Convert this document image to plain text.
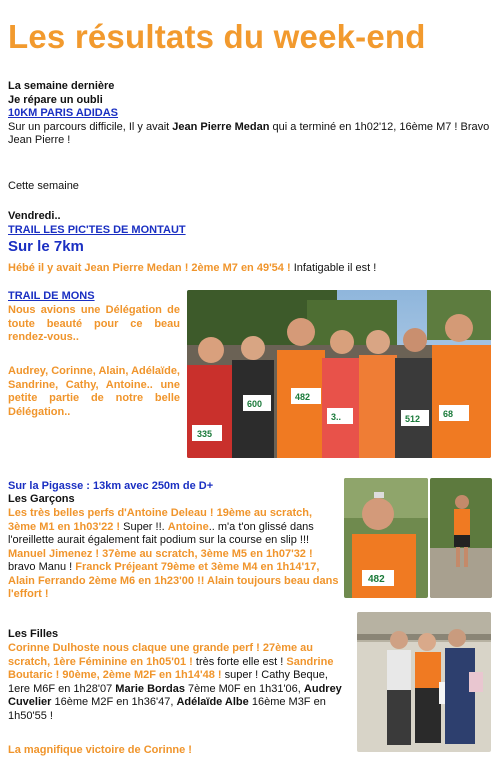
Les résultats du week-end
La semaine dernière
Je répare un oubli
10KM PARIS ADIDAS
Sur un parcours difficile, Il y avait Jean Pierre Medan qui a terminé en 1h02'12, 16ème M7 ! Bravo Jean Pierre !
Cette semaine
Vendredi..
TRAIL LES PIC'TES DE MONTAUT
Sur le 7km
Hébé il y avait Jean Pierre Medan ! 2ème M7 en 49'54 ! Infatigable il est !
TRAIL DE MONS
Nous avions une Délégation de toute beauté pour ce beau rendez-vous..
Audrey, Corinne, Alain, Adélaïde, Sandrine, Cathy, Antoine.. une petite partie de notre belle Délégation..
335
600
482
3..	512	68
Sur la Pigasse : 13km avec 250m de D+
Les Garçons
Les très belles perfs d'Antoine Deleau ! 19ème au scratch, 3ème M1 en 1h03'22 ! Super !!. Antoine.. m'a t'on glissé dans l'oreillette aurait également fait podium sur la course en slip !!! Manuel Jimenez ! 37ème au scratch, 3ème M5 en 1h07'32 ! bravo Manu ! Franck Préjeant 79ème et 3ème M4 en 1h14'17, Alain Ferrando 2ème M6 en 1h23'00 !! Alain toujours beau dans l'effort !
Les Filles
Corinne Dulhoste nous claque une grande perf ! 27ème au scratch, 1ère Féminine en 1h05'01 ! très forte elle est ! Sandrine Boutaric ! 90ème, 2ème M2F en 1h14'48 ! super ! Cathy Beque, 1ere M6F en 1h28'07 Marie Bordas 7ème M0F en 1h31'06, Audrey Cuvelier 16ème M2F en 1h36'47, Adélaïde Albe 16ème M3F en 1h50'55 !
La magnifique victoire de Corinne !
482
